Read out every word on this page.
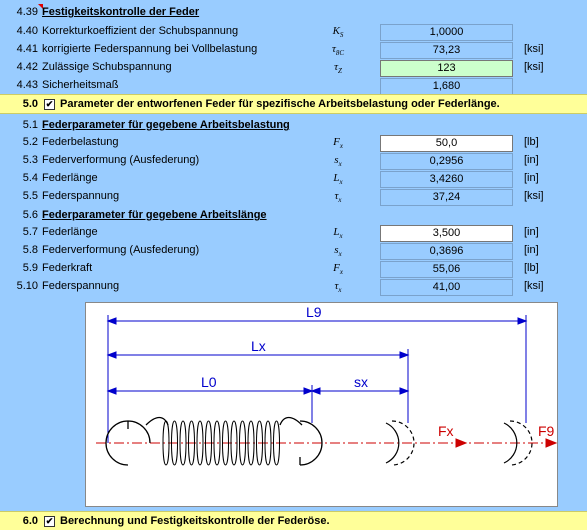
4.39 Festigkeitskontrolle der Feder
4.40 Korrekturkoeffizient der Schubspannung	$K_S$	1,0000
4.41 korrigierte Federspannung bei Vollbelastung	$\tau_{8C}$	73,23	[ksi]
4.42 Zulässige Schubspannung	$\tau_Z$	123	[ksi]
4.43 Sicherheitsmaß	1,680
5.0 ✔ Parameter der entworfenen Feder für spezifische Arbeitsbelastung oder Federlänge.
5.1 Federparameter für gegebene Arbeitsbelastung
5.2 Federbelastung	$F_x$	50,0	[lb]
5.3 Federverformung (Ausfederung)	$s_x$	0,2956	[in]
5.4 Federlänge	$L_x$	3,4260	[in]
5.5 Federspannung	$\tau_x$	37,24	[ksi]
5.6 Federparameter für gegebene Arbeitslänge
5.7 Federlänge	$L_x$	3,500	[in]
5.8 Federverformung (Ausfederung)	$s_x$	0,3696	[in]
5.9 Federkraft	$F_x$	55,06	[lb]
5.10 Federspannung	$\tau_x$	41,00	[ksi]
L9
Lx
L0	sx
Fx	F9
6.0 ✔ Berechnung und Festigkeitskontrolle der Federöse.
